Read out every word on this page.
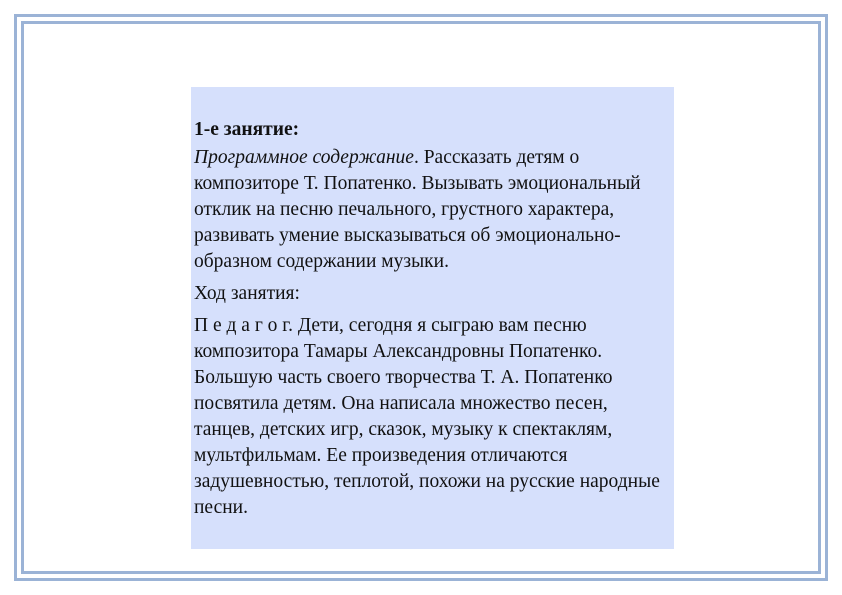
1-е занятие:
Программное содержание. Рассказать детям о композиторе Т. Попатенко. Вызывать эмоциональный отклик на песню печального, грустного характера, развивать умение высказываться об эмоционально-образном содержании музыки.
Ход занятия:
П е д а г о г. Дети, сегодня я сыграю вам песню композитора Тамары Александровны Попатенко. Большую часть своего творчества Т. А. Попатенко посвятила детям. Она написала множество песен, танцев, детских игр, сказок, музыку к спектаклям, мультфильмам. Ее произведения отличаются задушевностью, теплотой, похожи на русские народные песни.
